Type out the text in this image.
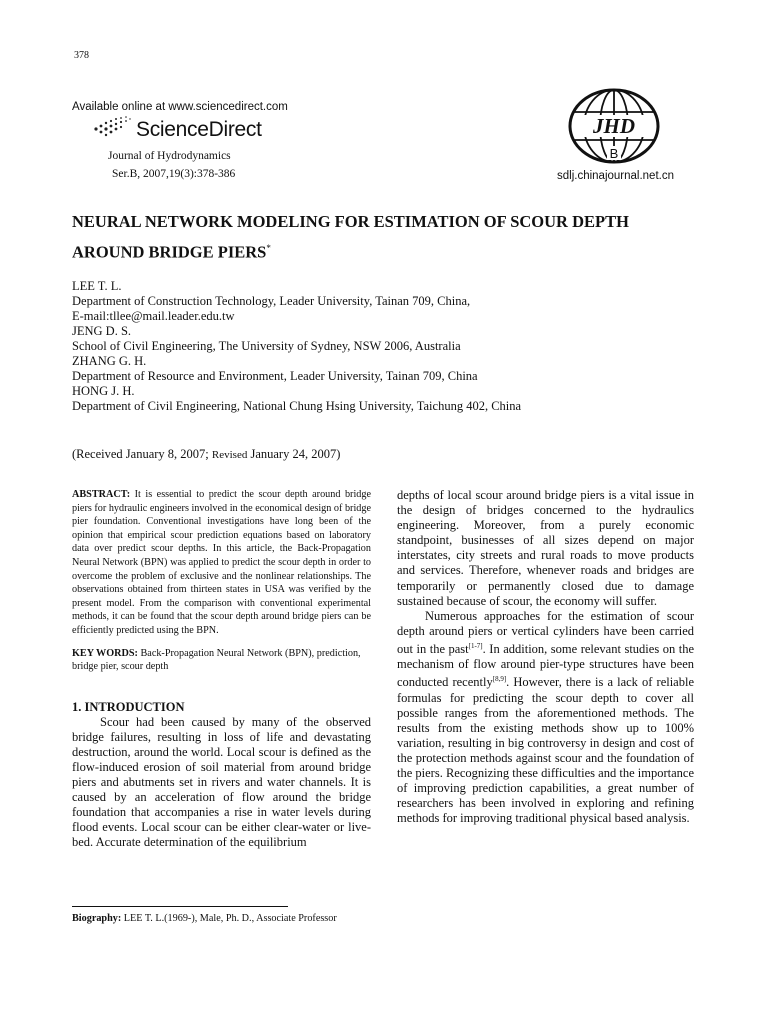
378
Available online at www.sciencedirect.com
ScienceDirect
Journal of Hydrodynamics
Ser.B, 2007,19(3):378-386
JHD
B
sdlj.chinajournal.net.cn
NEURAL NETWORK MODELING FOR ESTIMATION OF SCOUR DEPTH
AROUND BRIDGE PIERS*
LEE T. L.
Department of Construction Technology, Leader University, Tainan 709, China,
E-mail:tllee@mail.leader.edu.tw
JENG D. S.
School of Civil Engineering, The University of Sydney, NSW 2006, Australia
ZHANG G. H.
Department of Resource and Environment, Leader University, Tainan 709, China
HONG J. H.
Department of Civil Engineering, National Chung Hsing University, Taichung 402, China
(Received January 8, 2007; Revised January 24, 2007)

ABSTRACT: It is essential to predict the scour depth around bridge piers for hydraulic engineers involved in the economical design of bridge pier foundation. Conventional investigations have long been of the opinion that empirical scour prediction equations based on laboratory data over predict scour depths. In this article, the Back-Propagation Neural Network (BPN) was applied to predict the scour depth in order to overcome the problem of exclusive and the nonlinear relationships. The observations obtained from thirteen states in USA was verified by the present model. From the comparison with conventional experimental methods, it can be found that the scour depth around bridge piers can be efficiently predicted using the BPN.

KEY WORDS: Back-Propagation Neural Network (BPN), prediction, bridge pier, scour depth

1. INTRODUCTION

Scour had been caused by many of the observed bridge failures, resulting in loss of life and devastating destruction, around the world. Local scour is defined as the flow-induced erosion of soil material from around bridge piers and abutments set in rivers and water channels. It is caused by an acceleration of flow around the bridge foundation that accompanies a rise in water levels during flood events. Local scour can be either clear-water or live-bed. Accurate determination of the equilibrium

Biography: LEE T. L.(1969-), Male, Ph. D., Associate Professor

depths of local scour around bridge piers is a vital issue in the design of bridges concerned to the hydraulics engineering. Moreover, from a purely economic standpoint, businesses of all sizes depend on major interstates, city streets and rural roads to move products and services. Therefore, whenever roads and bridges are temporarily or permanently closed due to damage sustained because of scour, the economy will suffer.

Numerous approaches for the estimation of scour depth around piers or vertical cylinders have been carried out in the past[1-7]. In addition, some relevant studies on the mechanism of flow around pier-type structures have been conducted recently[8,9]. However, there is a lack of reliable formulas for predicting the scour depth to cover all possible ranges from the aforementioned methods. The results from the existing methods show up to 100% variation, resulting in big controversy in design and cost of the protection methods against scour and the foundation of the piers. Recognizing these difficulties and the importance of improving prediction capabilities, a great number of researchers has been involved in exploring and refining methods for improving traditional physical based analysis.
